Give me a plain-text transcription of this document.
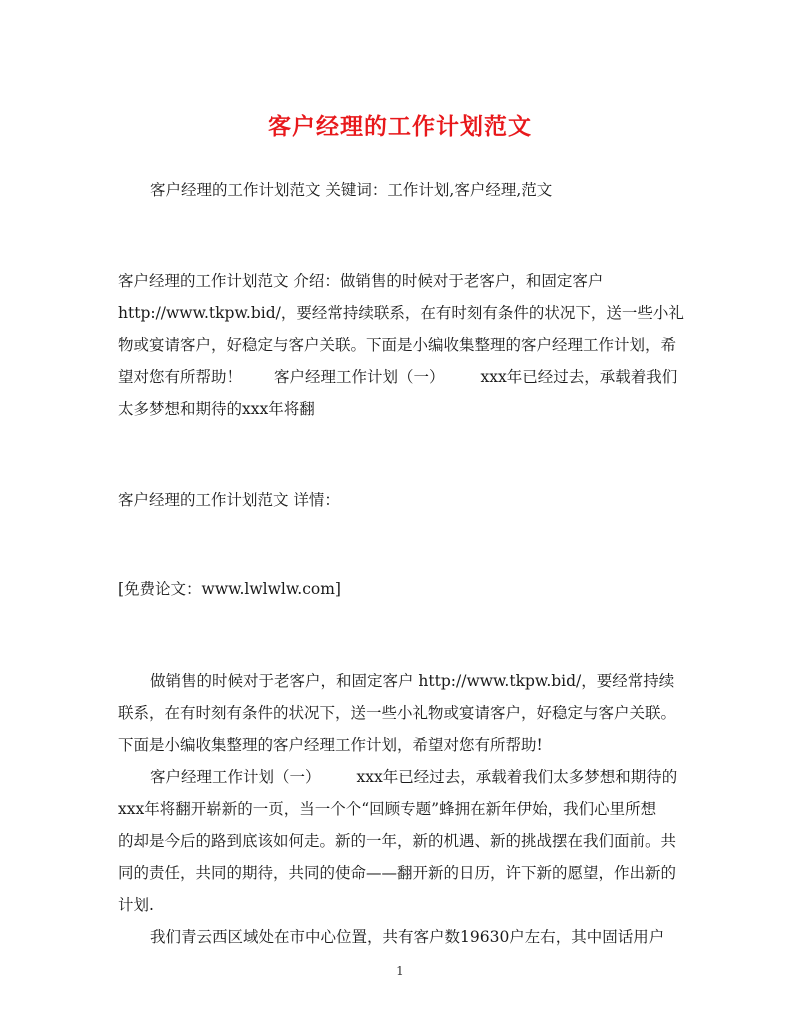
客户经理的工作计划范文

客户经理的工作计划范文 关键词：工作计划,客户经理,范文

客户经理的工作计划范文 介绍：做销售的时候对于老客户，和固定客户

http://www.tkpw.bid/，要经常持续联系，在有时刻有条件的状况下，送一些小礼

物或宴请客户，好稳定与客户关联。下面是小编收集整理的客户经理工作计划，希

望对您有所帮助！ 客户经理工作计划（一） xxx年已经过去，承载着我们

太多梦想和期待的xxx年将翻

客户经理的工作计划范文 详情：

[免费论文：www.lwlwlw.com]

做销售的时候对于老客户，和固定客户 http://www.tkpw.bid/，要经常持续

联系，在有时刻有条件的状况下，送一些小礼物或宴请客户，好稳定与客户关联。

下面是小编收集整理的客户经理工作计划，希望对您有所帮助!

客户经理工作计划（一） xxx年已经过去，承载着我们太多梦想和期待的

xxx年将翻开崭新的一页，当一个个“回顾专题”蜂拥在新年伊始，我们心里所想

的却是今后的路到底该如何走。新的一年，新的机遇、新的挑战摆在我们面前。共

同的责任，共同的期待，共同的使命——翻开新的日历，许下新的愿望，作出新的

计划.

我们青云西区域处在市中心位置，共有客户数19630户左右，其中固话用户

1
